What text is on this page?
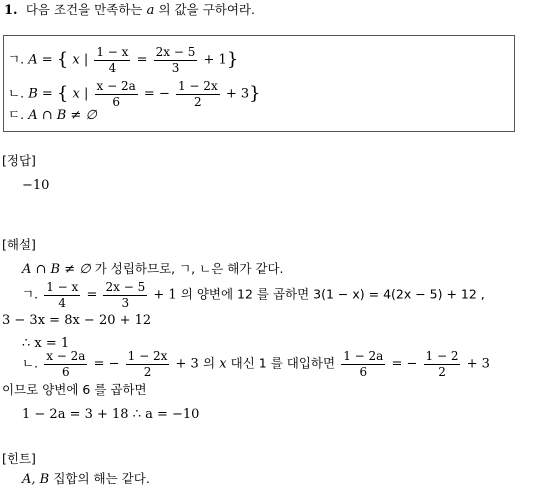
1. 다음 조건을 만족하는 a 의 값을 구하여라.
ㄱ. A = { x | $\frac{1 - x}{4} = \frac{2x - 5}{3} + 1$}
ㄴ. B = { x | $\frac{x - 2a}{6}$ = − $\frac{1 - 2x}{2} + 3$}
ㄷ. A ∩ B ≠ ∅
[정답]
−10
[해설]
A ∩ B ≠ ∅ 가 성립하므로, ㄱ, ㄴ은 해가 같다.
ㄱ. $\frac{1 - x}{4} = \frac{2x - 5}{3} + 1$ 의 양변에 12 를 곱하면 3(1 − x) = 4(2x − 5) + 12 ,
3 − 3x = 8x − 20 + 12
∴ x = 1
ㄴ. $\frac{x - 2a}{6}$ = − $\frac{1 - 2x}{2} + 3$ 의 x 대신 1 를 대입하면 $\frac{1 - 2a}{6}$ = − $\frac{1 - 2}{2} + 3$
이므로 양변에 6 를 곱하면
1 − 2a = 3 + 18 ∴ a = −10
[힌트]
A, B 집합의 해는 같다.
